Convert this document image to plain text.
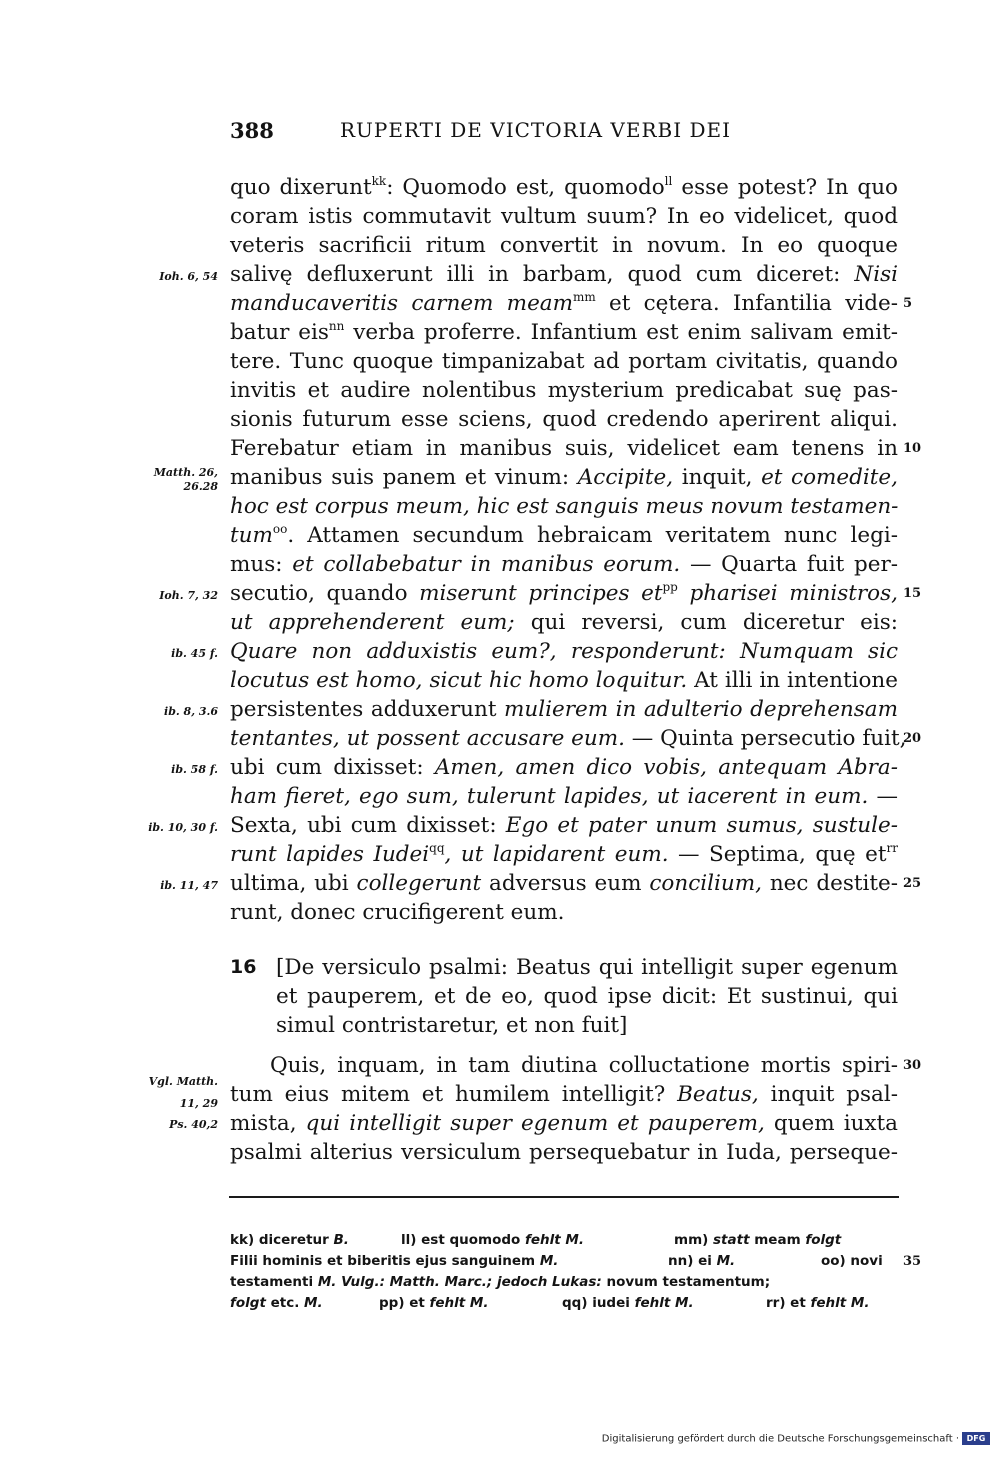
388	RUPERTI DE VICTORIA VERBI DEI
Ioh. 6, 54
Matth. 26,
26.28
Ioh. 7, 32
ib. 45 f.
ib. 8, 3.6
ib. 58 f.
ib. 10, 30 f.
ib. 11, 47
Vgl. Matth.
11, 29
Ps. 40,2
5
10
15
20
25
30
35
quo dixerunt$^{kk}$: Quomodo est, quomodo$^{ll}$ esse potest? In quo
coram istis commutavit vultum suum? In eo videlicet, quod
veteris sacrificii ritum convertit in novum. In eo quoque
salivę defluxerunt illi in barbam, quod cum diceret: Nisi
manducaveritis carnem meam$^{mm}$ et cętera. Infantilia vide-
batur eis$^{nn}$ verba proferre. Infantium est enim salivam emit-
tere. Tunc quoque timpanizabat ad portam civitatis, quando
invitis et audire nolentibus mysterium predicabat suę pas-
sionis futurum esse sciens, quod credendo aperirent aliqui.
Ferebatur etiam in manibus suis, videlicet eam tenens in
manibus suis panem et vinum: Accipite, inquit, et comedite,
hoc est corpus meum, hic est sanguis meus novum testamen-
tum$^{oo}$. Attamen secundum hebraicam veritatem nunc legi-
mus: et collabebatur in manibus eorum. — Quarta fuit per-
secutio, quando miserunt principes $et^{pp}$ pharisei ministros,
ut apprehenderent eum; qui reversi, cum diceretur eis:
Quare non adduxistis eum?, responderunt: Numquam sic
locutus est homo, sicut hic homo loquitur. At illi in intentione
persistentes adduxerunt mulierem in adulterio deprehensam
tentantes, ut possent accusare eum. — Quinta persecutio fuit,
ubi cum dixisset: Amen, amen dico vobis, antequam Abra-
ham fieret, ego sum, tulerunt lapides, ut iacerent in eum. —
Sexta, ubi cum dixisset: Ego et pater unum sumus, sustule-
runt lapides Iudei$^{qq}$, ut lapidarent eum. — Septima, quę $et^{rr}$
ultima, ubi collegerunt adversus eum concilium, nec destite-
runt, donec crucifigerent eum.
16 [De versiculo psalmi: Beatus qui intelligit super egenum
et pauperem, et de eo, quod ipse dicit: Et sustinui, qui
simul contristaretur, et non fuit]
Quis, inquam, in tam diutina colluctatione mortis spiri-
tum eius mitem et humilem intelligit? Beatus, inquit psal-
mista, qui intelligit super egenum et pauperem, quem iuxta
psalmi alterius versiculum persequebatur in Iuda, perseque-
kk) diceretur B.	ll) est quomodo fehlt M.	mm) statt meam folgt
Filii hominis et biberitis ejus sanguinem M.	nn) ei M.	oo) novi
testamenti M. Vulg.: Matth. Marc.; jedoch Lukas: novum testamentum;
folgt etc. M.	pp) et fehlt M.	qq) iudei fehlt M.	rr) et fehlt M.
Digitalisierung gefördert durch die Deutsche Forschungsgemeinschaft · DFG
